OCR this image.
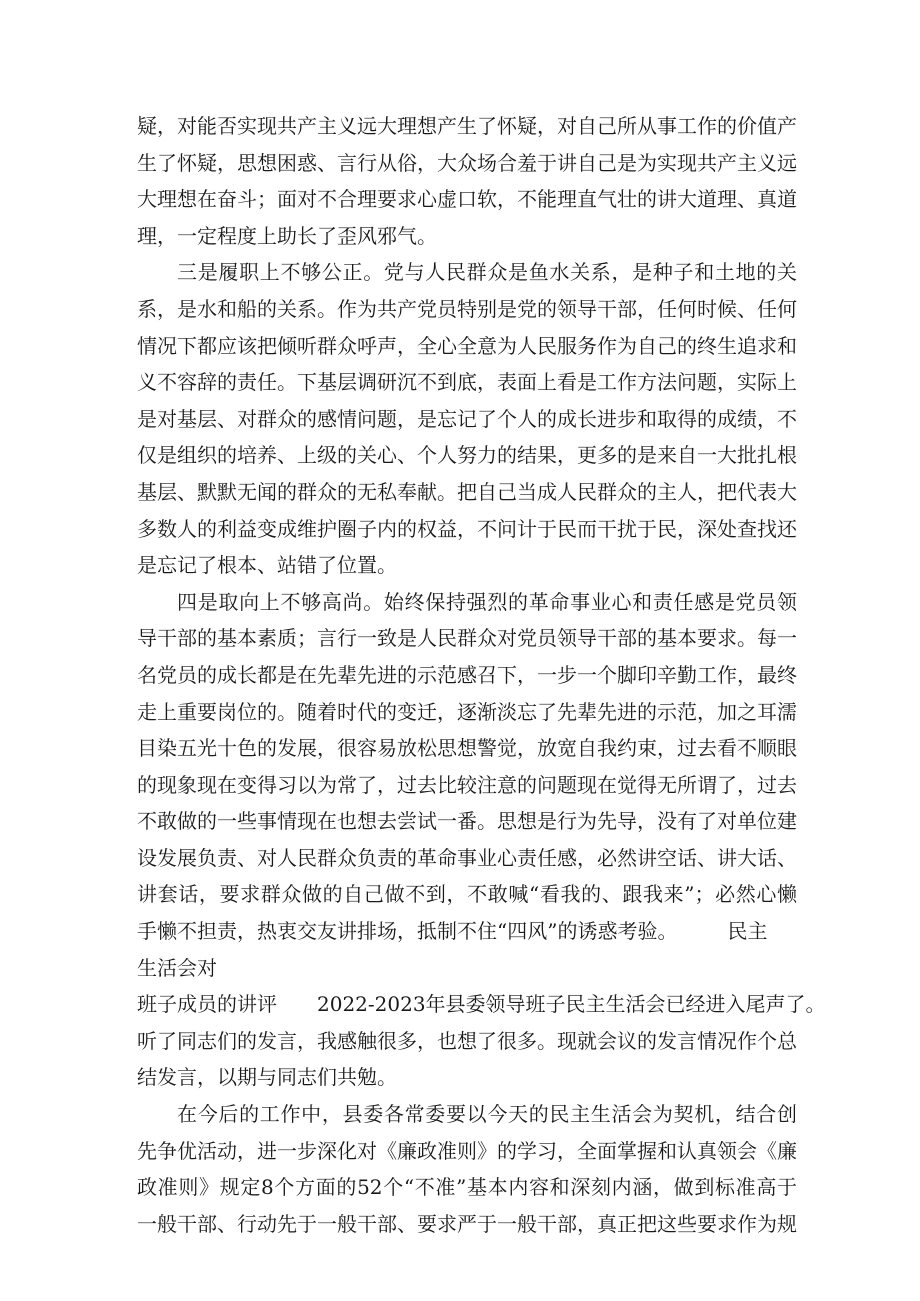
疑，对能否实现共产主义远大理想产生了怀疑，对自己所从事工作的价值产
生了怀疑，思想困惑、言行从俗，大众场合羞于讲自己是为实现共产主义远
大理想在奋斗；面对不合理要求心虚口软，不能理直气壮的讲大道理、真道
理，一定程度上助长了歪风邪气。
三是履职上不够公正。党与人民群众是鱼水关系，是种子和土地的关
系，是水和船的关系。作为共产党员特别是党的领导干部，任何时候、任何
情况下都应该把倾听群众呼声，全心全意为人民服务作为自己的终生追求和
义不容辞的责任。下基层调研沉不到底，表面上看是工作方法问题，实际上
是对基层、对群众的感情问题，是忘记了个人的成长进步和取得的成绩，不
仅是组织的培养、上级的关心、个人努力的结果，更多的是来自一大批扎根
基层、默默无闻的群众的无私奉献。把自己当成人民群众的主人，把代表大
多数人的利益变成维护圈子内的权益，不问计于民而干扰于民，深处查找还
是忘记了根本、站错了位置。
四是取向上不够高尚。始终保持强烈的革命事业心和责任感是党员领
导干部的基本素质；言行一致是人民群众对党员领导干部的基本要求。每一
名党员的成长都是在先辈先进的示范感召下，一步一个脚印辛勤工作，最终
走上重要岗位的。随着时代的变迁，逐渐淡忘了先辈先进的示范，加之耳濡
目染五光十色的发展，很容易放松思想警觉，放宽自我约束，过去看不顺眼
的现象现在变得习以为常了，过去比较注意的问题现在觉得无所谓了，过去
不敢做的一些事情现在也想去尝试一番。思想是行为先导，没有了对单位建
设发展负责、对人民群众负责的革命事业心责任感，必然讲空话、讲大话、
讲套话，要求群众做的自己做不到，不敢喊“看我的、跟我来”；必然心懒
手懒不担责，热衷交友讲排场，抵制不住“四风”的诱惑考验。　　　民主
生活会对
班子成员的讲评　　2022-2023年县委领导班子民主生活会已经进入尾声了。
听了同志们的发言，我感触很多，也想了很多。现就会议的发言情况作个总
结发言，以期与同志们共勉。
在今后的工作中，县委各常委要以今天的民主生活会为契机，结合创
先争优活动，进一步深化对《廉政准则》的学习，全面掌握和认真领会《廉
政准则》规定8个方面的52个“不准”基本内容和深刻内涵，做到标准高于
一般干部、行动先于一般干部、要求严于一般干部，真正把这些要求作为规
